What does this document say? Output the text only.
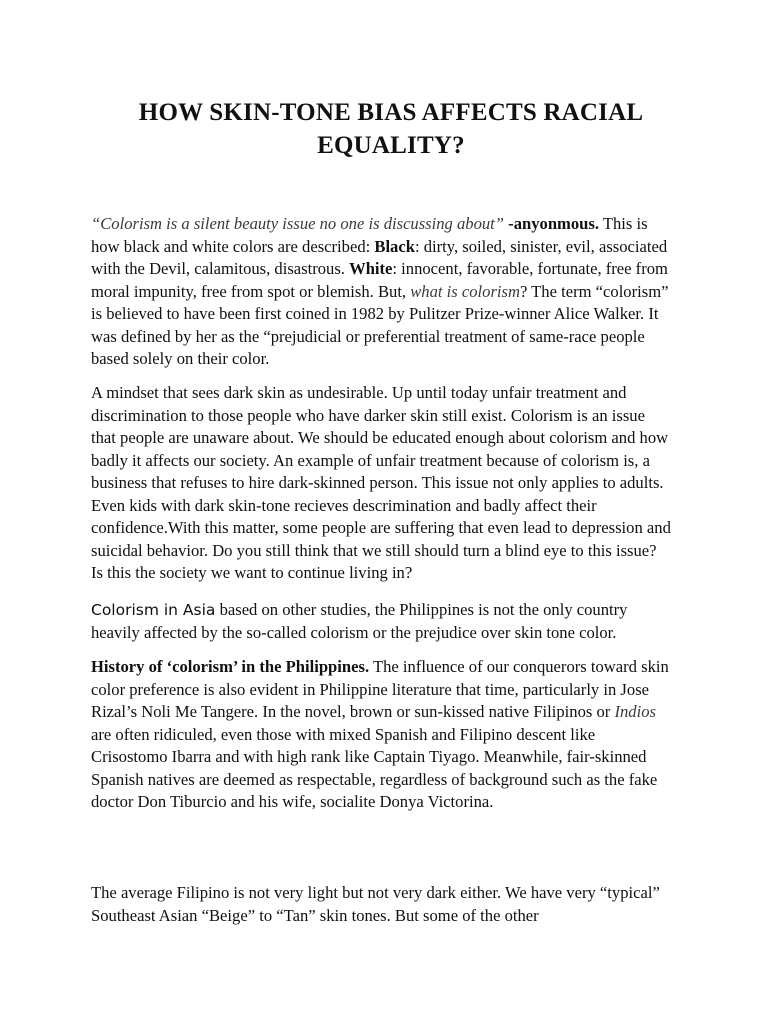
HOW SKIN-TONE BIAS AFFECTS RACIAL
EQUALITY?

“Colorism is a silent beauty issue no one is discussing about” -anyonmous. This is how black and white colors are described: Black: dirty, soiled, sinister, evil, associated with the Devil, calamitous, disastrous. White: innocent, favorable, fortunate, free from moral impunity, free from spot or blemish. But, what is colorism? The term “colorism” is believed to have been first coined in 1982 by Pulitzer Prize-winner Alice Walker. It was defined by her as the “prejudicial or preferential treatment of same-race people based solely on their color.

A mindset that sees dark skin as undesirable. Up until today unfair treatment and discrimination to those people who have darker skin still exist. Colorism is an issue that people are unaware about. We should be educated enough about colorism and how badly it affects our society. An example of unfair treatment because of colorism is, a business that refuses to hire dark-skinned person. This issue not only applies to adults. Even kids with dark skin-tone recieves descrimination and badly affect their confidence.With this matter, some people are suffering that even lead to depression and suicidal behavior. Do you still think that we still should turn a blind eye to this issue? Is this the society we want to continue living in?

Colorism in Asia based on other studies, the Philippines is not the only country heavily affected by the so-called colorism or the prejudice over skin tone color.

History of ‘colorism’ in the Philippines. The influence of our conquerors toward skin color preference is also evident in Philippine literature that time, particularly in Jose Rizal’s Noli Me Tangere. In the novel, brown or sun-kissed native Filipinos or Indios are often ridiculed, even those with mixed Spanish and Filipino descent like Crisostomo Ibarra and with high rank like Captain Tiyago. Meanwhile, fair-skinned Spanish natives are deemed as respectable, regardless of background such as the fake doctor Don Tiburcio and his wife, socialite Donya Victorina.

The average Filipino is not very light but not very dark either. We have very “typical” Southeast Asian “Beige” to “Tan” skin tones. But some of the other
